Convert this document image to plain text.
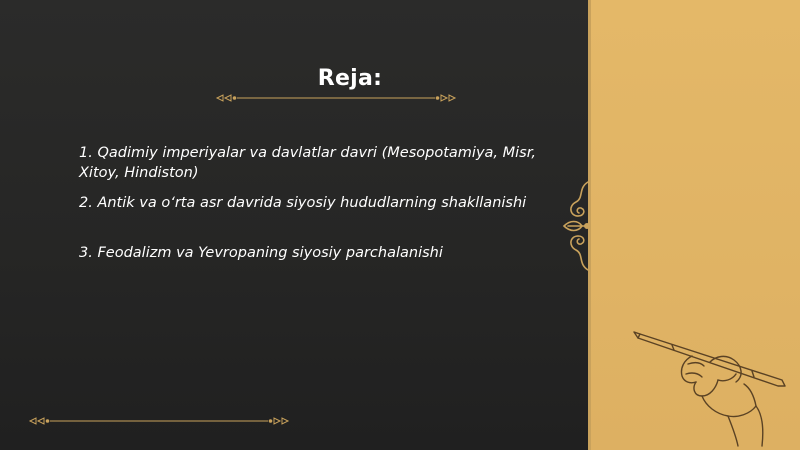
Reja:
1. Qadimiy imperiyalar va davlatlar davri (Mesopotamiya, Misr, Xitoy, Hindiston)
2. Antik va o‘rta asr davrida siyosiy hududlarning shakllanishi
3. Feodalizm va Yevropaning siyosiy parchalanishi
